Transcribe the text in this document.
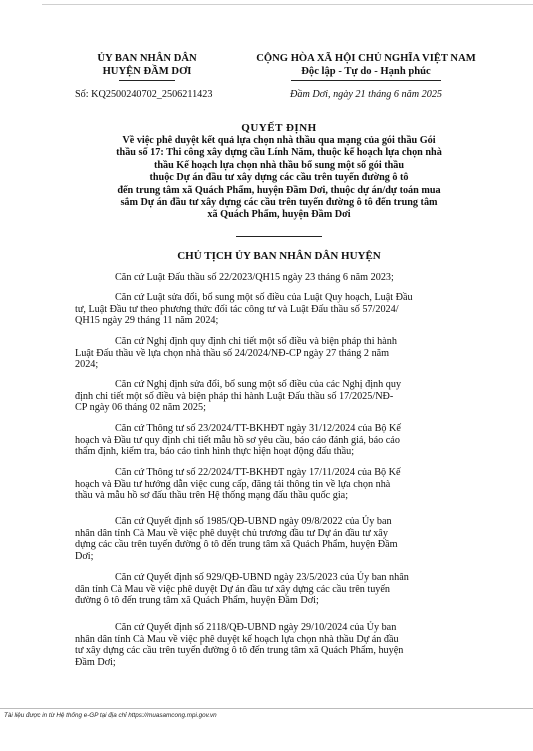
ỦY BAN NHÂN DÂN
HUYỆN ĐẦM DƠI
CỘNG HÒA XÃ HỘI CHỦ NGHĨA VIỆT NAM
Độc lập - Tự do - Hạnh phúc
Số: KQ2500240702_2506211423	Đầm Dơi, ngày 21 tháng 6 năm 2025
QUYẾT ĐỊNH
Về việc phê duyệt kết quả lựa chọn nhà thầu qua mạng của gói thầu Gói
thầu số 17: Thi công xây dựng cầu Lính Năm, thuộc kế hoạch lựa chọn nhà
thầu Kế hoạch lựa chọn nhà thầu bổ sung một số gói thầu
thuộc Dự án đầu tư xây dựng các cầu trên tuyến đường ô tô
đến trung tâm xã Quách Phẩm, huyện Đầm Dơi, thuộc dự án/dự toán mua
sắm Dự án đầu tư xây dựng các cầu trên tuyến đường ô tô đến trung tâm
xã Quách Phẩm, huyện Đầm Dơi
CHỦ TỊCH ỦY BAN NHÂN DÂN HUYỆN
Căn cứ Luật Đấu thầu số 22/2023/QH15 ngày 23 tháng 6 năm 2023;
Căn cứ Luật sửa đổi, bổ sung một số điều của Luật Quy hoạch, Luật Đầu
tư, Luật Đầu tư theo phương thức đối tác công tư và Luật Đấu thầu số 57/2024/
QH15 ngày 29 tháng 11 năm 2024;
Căn cứ Nghị định quy định chi tiết một số điều và biện pháp thi hành
Luật Đấu thầu về lựa chọn nhà thầu số 24/2024/NĐ-CP ngày 27 tháng 2 năm
2024;
Căn cứ Nghị định sửa đổi, bổ sung một số điều của các Nghị định quy
định chi tiết một số điều và biện pháp thi hành Luật Đấu thầu số 17/2025/NĐ-
CP ngày 06 tháng 02 năm 2025;
Căn cứ Thông tư số 23/2024/TT-BKHĐT ngày 31/12/2024 của Bộ Kế
hoạch và Đầu tư quy định chi tiết mẫu hồ sơ yêu cầu, báo cáo đánh giá, báo cáo
thẩm định, kiểm tra, báo cáo tình hình thực hiện hoạt động đấu thầu;
Căn cứ Thông tư số 22/2024/TT-BKHĐT ngày 17/11/2024 của Bộ Kế
hoạch và Đầu tư hướng dẫn việc cung cấp, đăng tải thông tin về lựa chọn nhà
thầu và mẫu hồ sơ đấu thầu trên Hệ thống mạng đấu thầu quốc gia;
Căn cứ Quyết định số 1985/QĐ-UBND ngày 09/8/2022 của Ủy ban
nhân dân tỉnh Cà Mau về việc phê duyệt chủ trương đầu tư Dự án đầu tư xây
dựng các cầu trên tuyến đường ô tô đến trung tâm xã Quách Phẩm, huyện Đầm
Dơi;
Căn cứ Quyết định số 929/QĐ-UBND ngày 23/5/2023 của Ủy ban nhân
dân tỉnh Cà Mau về việc phê duyệt Dự án đầu tư xây dựng các cầu trên tuyến
đường ô tô đến trung tâm xã Quách Phẩm, huyện Đầm Dơi;
Căn cứ Quyết định số 2118/QĐ-UBND ngày 29/10/2024 của Ủy ban
nhân dân tỉnh Cà Mau về việc phê duyệt kế hoạch lựa chọn nhà thầu Dự án đầu
tư xây dựng các cầu trên tuyến đường ô tô đến trung tâm xã Quách Phẩm, huyện
Đầm Dơi;
Tài liệu được in từ Hệ thống e-GP tại địa chỉ https://muasamcong.mpi.gov.vn
